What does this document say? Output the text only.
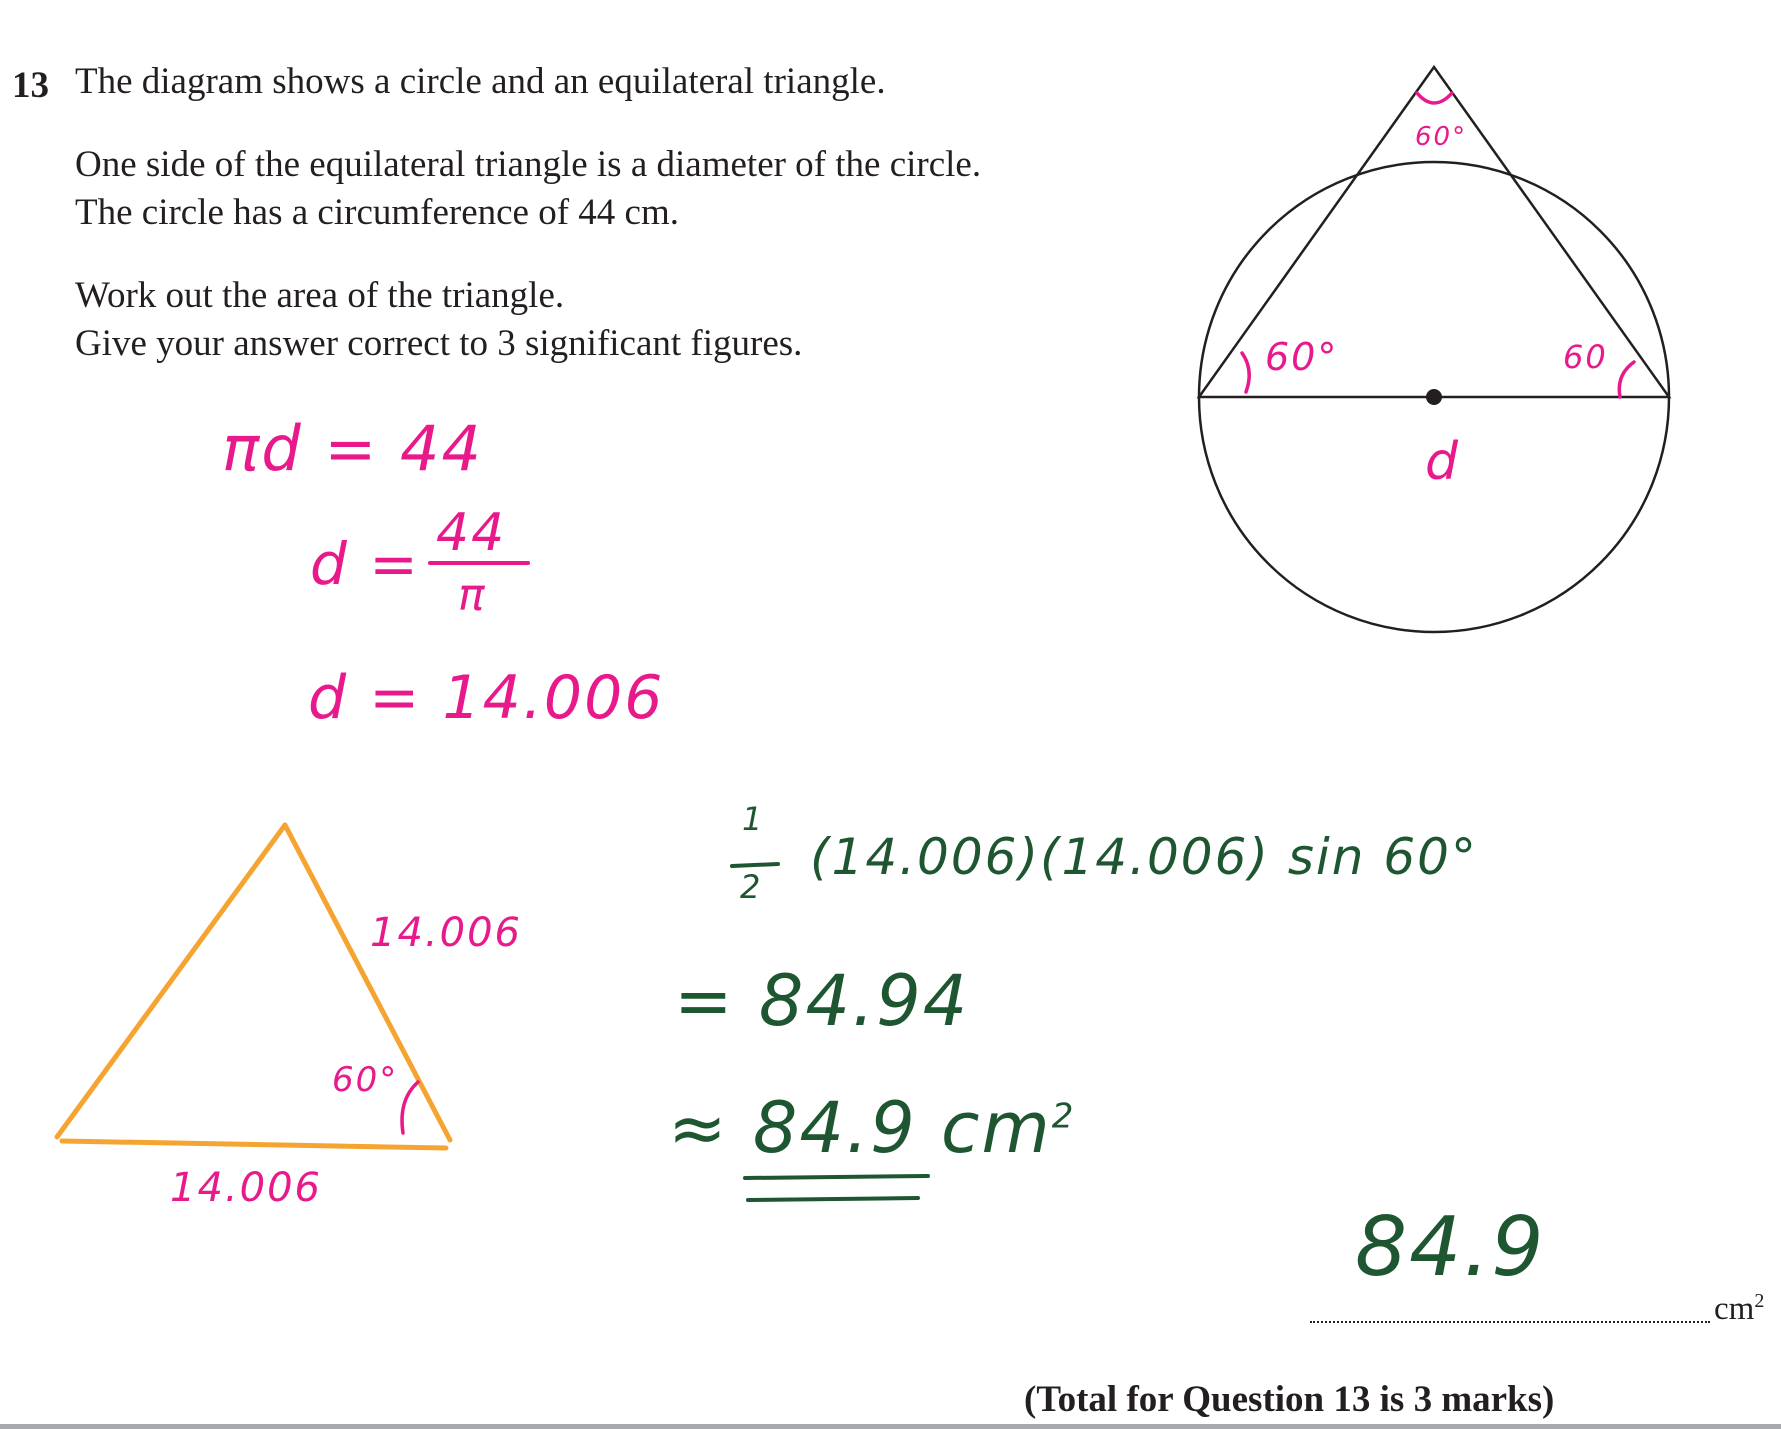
13 The diagram shows a circle and an equilateral triangle.
One side of the equilateral triangle is a diameter of the circle.
The circle has a circumference of 44 cm.
Work out the area of the triangle.
Give your answer correct to 3 significant figures.
60°
60°	60
d
πd = 44
d = 44
π
d = 14.006
14.006
14.006
60°
1
2
(14.006)(14.006) sin 60°
= 84.94
≈ 84.9 $cm^2$
84.9
$cm^2$
(Total for Question 13 is 3 marks)
